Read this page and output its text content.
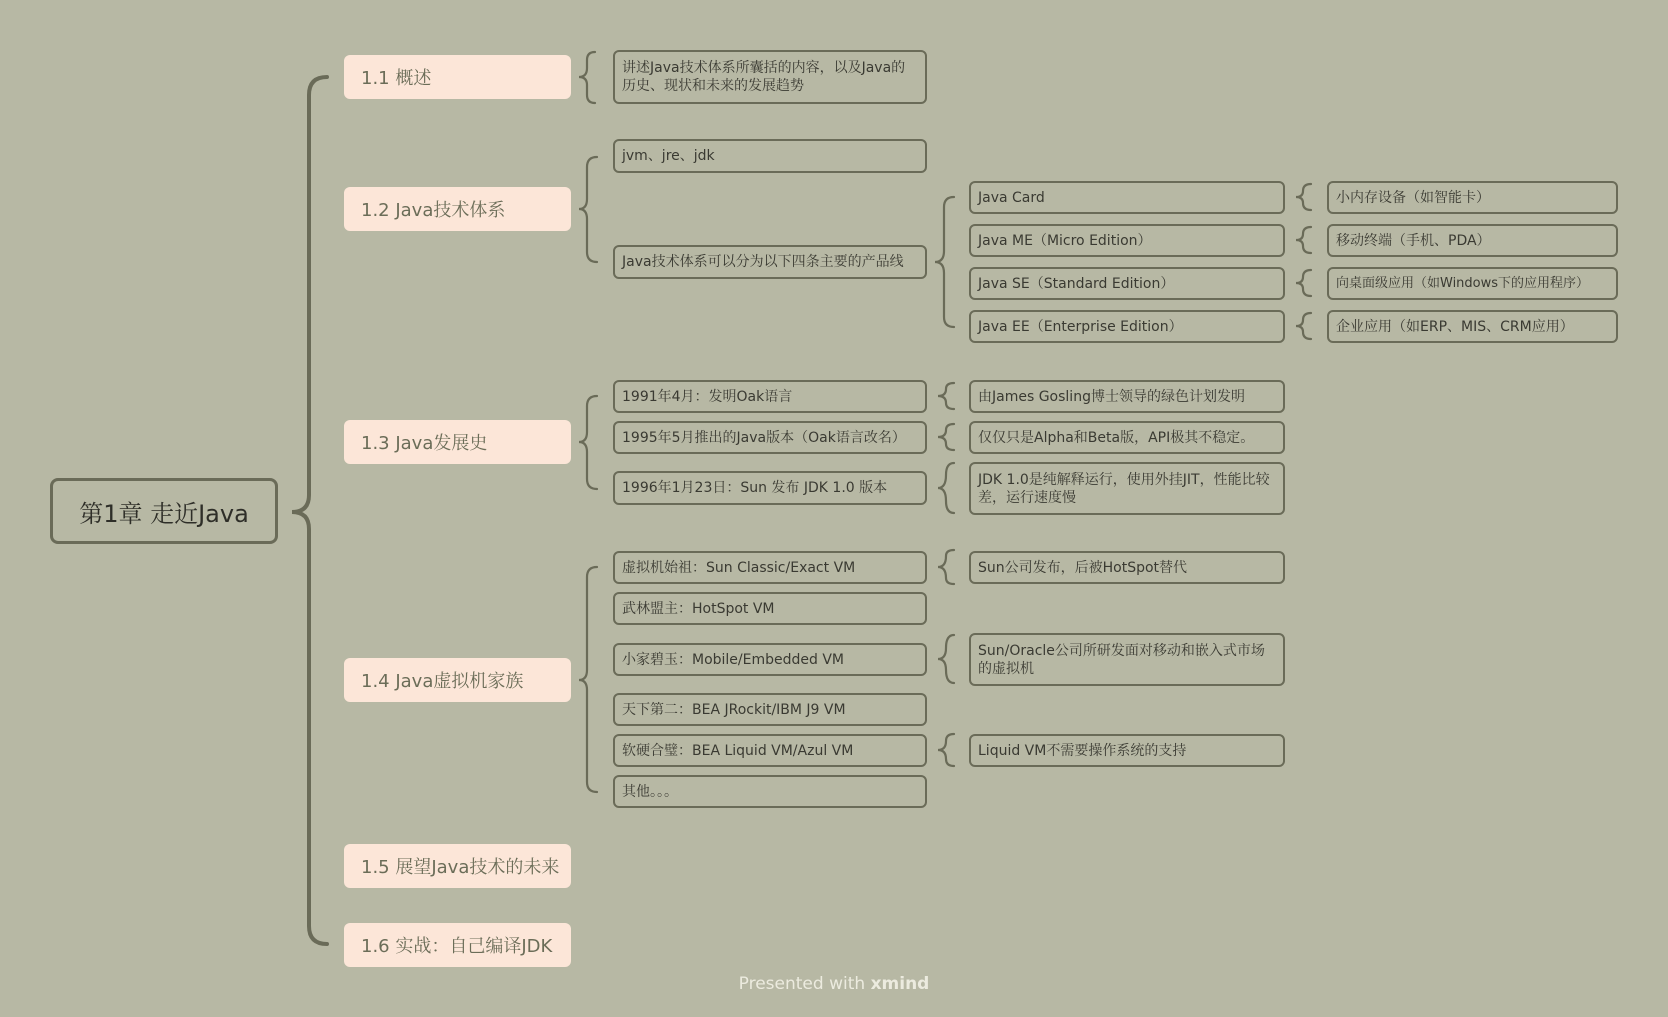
第1章 走近Java
1.1 概述
1.2 Java技术体系
1.3 Java发展史
1.4 Java虚拟机家族
1.5 展望Java技术的未来
1.6 实战：自己编译JDK
讲述Java技术体系所囊括的内容，以及Java的历史、现状和未来的发展趋势
jvm、jre、jdk
Java技术体系可以分为以下四条主要的产品线
Java Card
Java ME（Micro Edition）
Java SE（Standard Edition）
Java EE（Enterprise Edition）
小内存设备（如智能卡）
移动终端（手机、PDA）
向桌面级应用（如Windows下的应用程序）
企业应用（如ERP、MIS、CRM应用）
1991年4月：发明Oak语言
1995年5月推出的Java版本（Oak语言改名）
1996年1月23日：Sun 发布 JDK 1.0 版本
由James Gosling博士领导的绿色计划发明
仅仅只是Alpha和Beta版，API极其不稳定。
JDK 1.0是纯解释运行，使用外挂JIT，性能比较差，运行速度慢
虚拟机始祖：Sun Classic/Exact VM
武林盟主：HotSpot VM
小家碧玉：Mobile/Embedded VM
天下第二：BEA JRockit/IBM J9 VM
软硬合璧：BEA Liquid VM/Azul VM
其他。。。
Sun公司发布，后被HotSpot替代
Sun/Oracle公司所研发面对移动和嵌入式市场的虚拟机
Liquid VM不需要操作系统的支持
Presented with xmind
